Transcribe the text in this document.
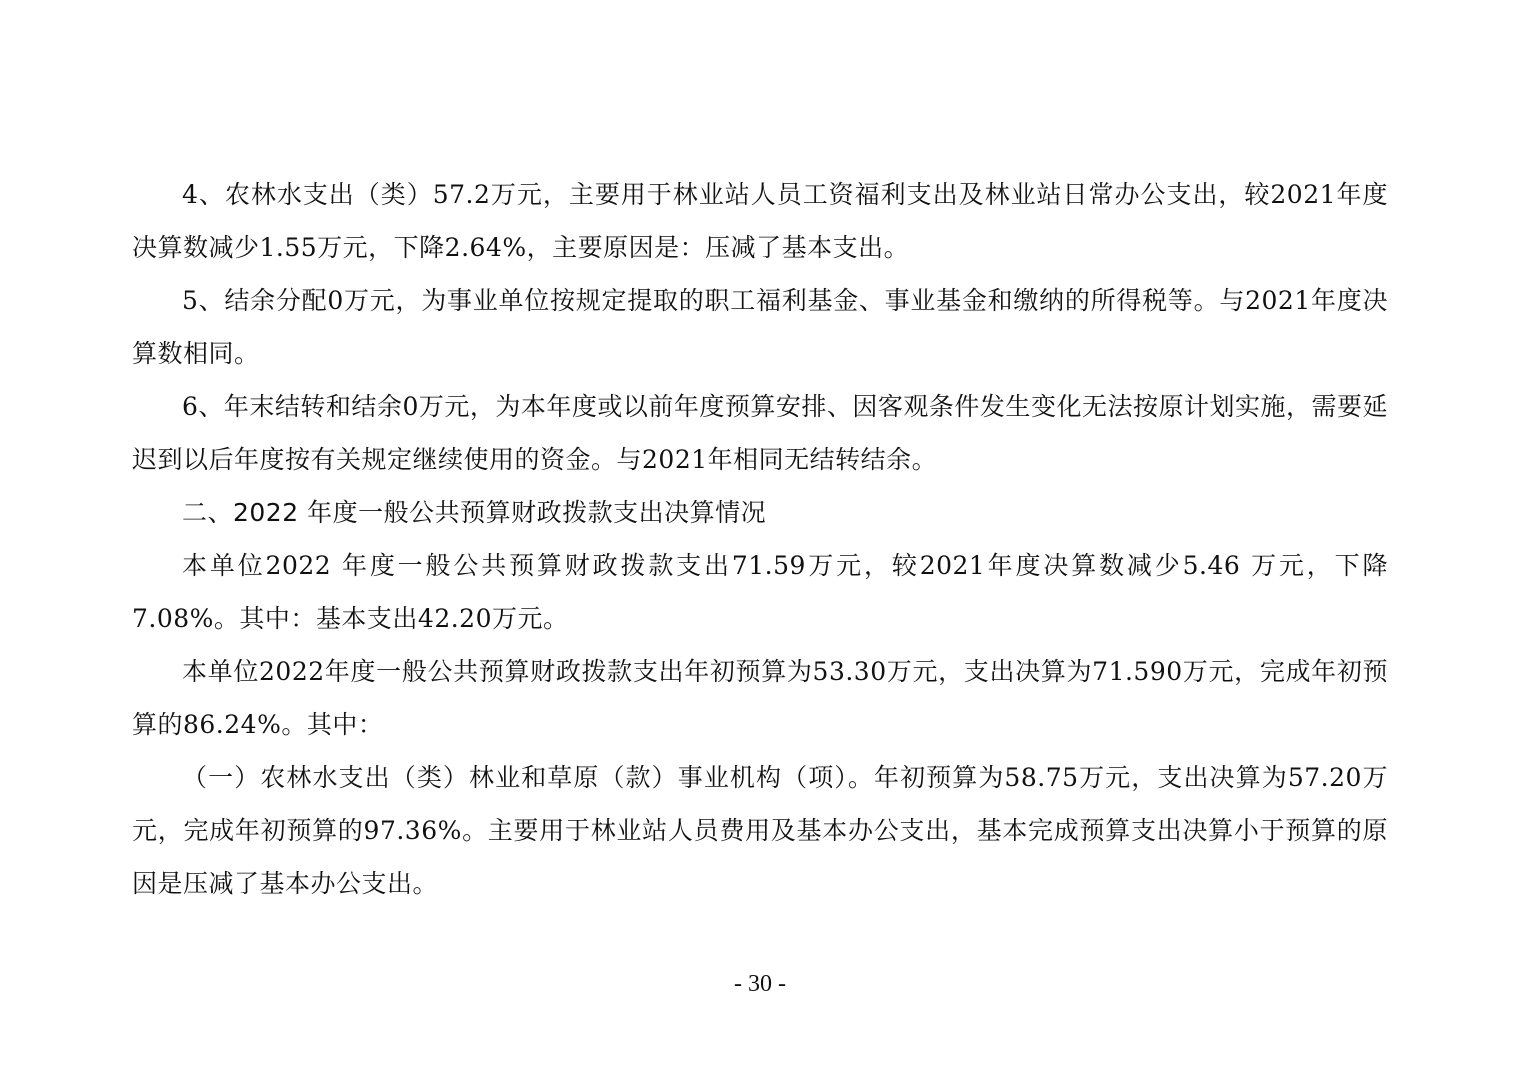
4、农林水支出（类）57.2万元，主要用于林业站人员工资福利支出及林业站日常办公支出，较2021年度决算数减少1.55万元，下降2.64%，主要原因是：压减了基本支出。

5、结余分配0万元，为事业单位按规定提取的职工福利基金、事业基金和缴纳的所得税等。与2021年度决算数相同。

6、年末结转和结余0万元，为本年度或以前年度预算安排、因客观条件发生变化无法按原计划实施，需要延迟到以后年度按有关规定继续使用的资金。与2021年相同无结转结余。

二、2022 年度一般公共预算财政拨款支出决算情况

本单位2022 年度一般公共预算财政拨款支出71.59万元，较2021年度决算数减少5.46 万元，下降7.08%。其中：基本支出42.20万元。

本单位2022年度一般公共预算财政拨款支出年初预算为53.30万元，支出决算为71.590万元，完成年初预算的86.24%。其中：

（一）农林水支出（类）林业和草原（款）事业机构（项）。年初预算为58.75万元，支出决算为57.20万元，完成年初预算的97.36%。主要用于林业站人员费用及基本办公支出，基本完成预算支出决算小于预算的原因是压减了基本办公支出。

- 30 -
